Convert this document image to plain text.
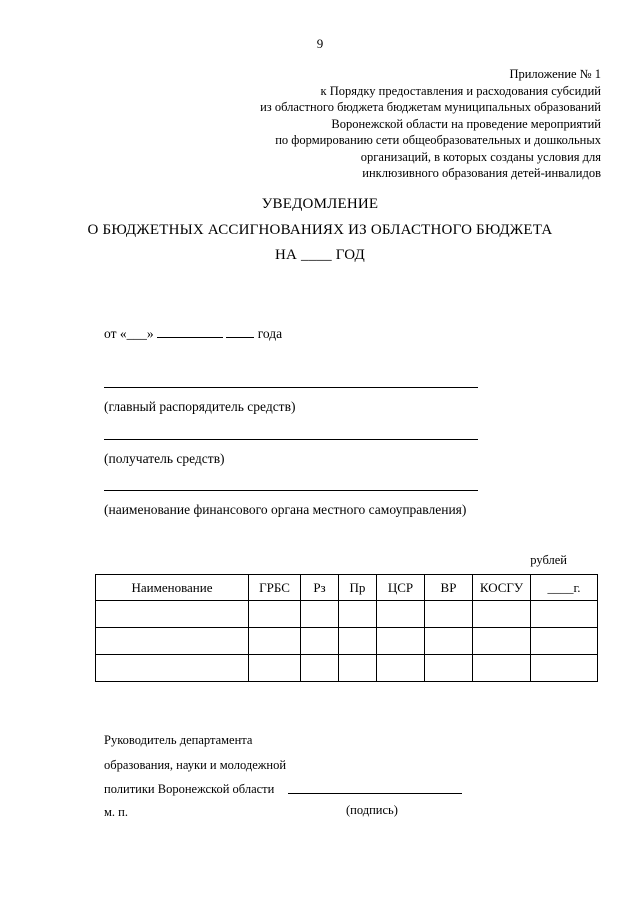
9
Приложение № 1
к Порядку предоставления и расходования субсидий
из областного бюджета бюджетам муниципальных образований
Воронежской области на проведение мероприятий
по формированию сети общеобразовательных и дошкольных
организаций, в которых созданы условия для
инклюзивного образования детей-инвалидов
УВЕДОМЛЕНИЕ
О БЮДЖЕТНЫХ АССИГНОВАНИЯХ ИЗ ОБЛАСТНОГО БЮДЖЕТА
НА ____ ГОД
от «___»	года
(главный распорядитель средств)
(получатель средств)
(наименование финансового органа местного самоуправления)
рублей
Наименование	ГРБС	Рз	Пр	ЦСР	ВР	КОСГУ	____г.

Руководитель департамента
образования, науки и молодежной
политики Воронежской области
м. п.	(подпись)
